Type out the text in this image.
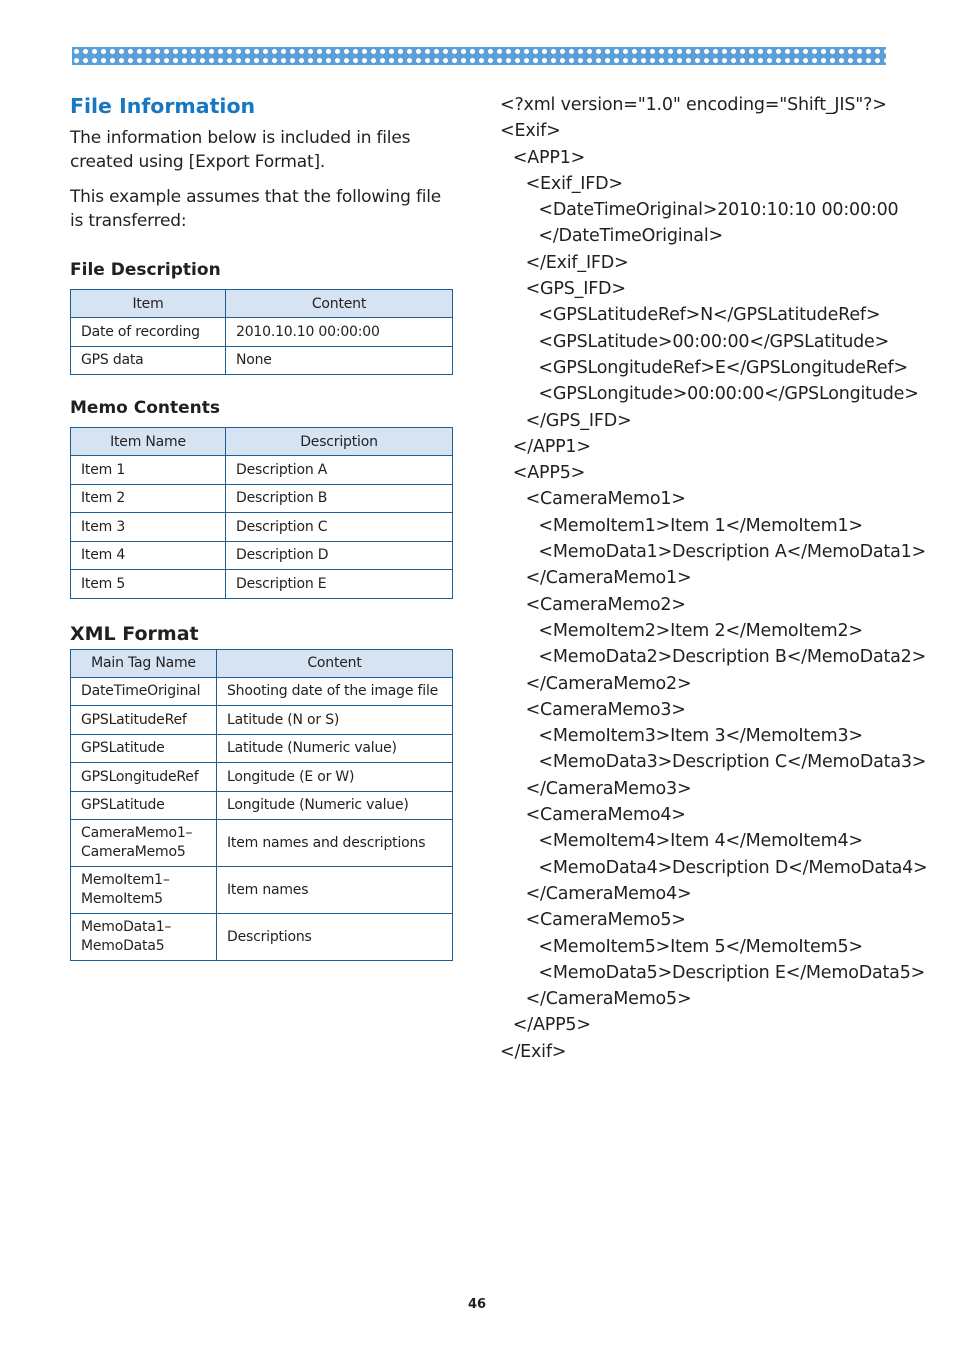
File Information

The information below is included in files created using [Export Format].

This example assumes that the following file is transferred:

File Description
Item	Content
Date of recording	2010.10.10 00:00:00
GPS data	None
Memo Contents
Item Name	Description
Item 1	Description A
Item 2	Description B
Item 3	Description C
Item 4	Description D
Item 5	Description E
XML Format
Main Tag Name	Content
DateTimeOriginal	Shooting date of the image file
GPSLatitudeRef	Latitude (N or S)
GPSLatitude	Latitude (Numeric value)
GPSLongitudeRef	Longitude (E or W)
GPSLatitude	Longitude (Numeric value)
CameraMemo1–
CameraMemo5	Item names and descriptions
MemoItem1–
MemoItem5	Item names
MemoData1–
MemoData5	Descriptions
<?xml version="1.0" encoding="Shift_JIS"?>
<Exif>
<APP1>
<Exif_IFD>
<DateTimeOriginal>2010:10:10 00:00:00
</DateTimeOriginal>
</Exif_IFD>
<GPS_IFD>
<GPSLatitudeRef>N</GPSLatitudeRef>
<GPSLatitude>00:00:00</GPSLatitude>
<GPSLongitudeRef>E</GPSLongitudeRef>
<GPSLongitude>00:00:00</GPSLongitude>
</GPS_IFD>
</APP1>
<APP5>
<CameraMemo1>
<MemoItem1>Item 1</MemoItem1>
<MemoData1>Description A</MemoData1>
</CameraMemo1>
<CameraMemo2>
<MemoItem2>Item 2</MemoItem2>
<MemoData2>Description B</MemoData2>
</CameraMemo2>
<CameraMemo3>
<MemoItem3>Item 3</MemoItem3>
<MemoData3>Description C</MemoData3>
</CameraMemo3>
<CameraMemo4>
<MemoItem4>Item 4</MemoItem4>
<MemoData4>Description D</MemoData4>
</CameraMemo4>
<CameraMemo5>
<MemoItem5>Item 5</MemoItem5>
<MemoData5>Description E</MemoData5>
</CameraMemo5>
</APP5>
</Exif>
46
